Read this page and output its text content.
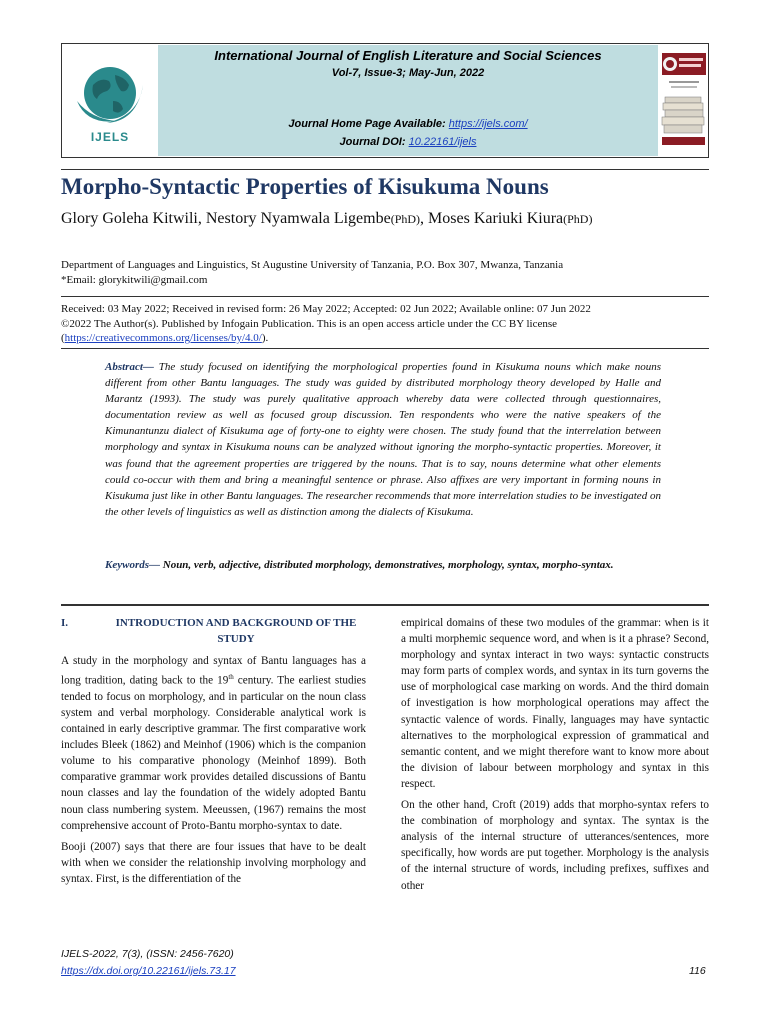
IJELS
International Journal of English Literature and Social Sciences
Vol-7, Issue-3; May-Jun, 2022
Journal Home Page Available: https://ijels.com/
Journal DOI: 10.22161/ijels
Morpho-Syntactic Properties of Kisukuma Nouns
Glory Goleha Kitwili, Nestory Nyamwala Ligembe(PhD), Moses Kariuki Kiura(PhD)
Department of Languages and Linguistics, St Augustine University of Tanzania, P.O. Box 307, Mwanza, Tanzania
*Email: glorykitwili@gmail.com
Received: 03 May 2022; Received in revised form: 26 May 2022; Accepted: 02 Jun 2022; Available online: 07 Jun 2022
©2022 The Author(s). Published by Infogain Publication. This is an open access article under the CC BY license
(https://creativecommons.org/licenses/by/4.0/).
Abstract— The study focused on identifying the morphological properties found in Kisukuma nouns which make nouns different from other Bantu languages. The study was guided by distributed morphology theory developed by Halle and Marantz (1993). The study was purely qualitative approach whereby data were collected through questionnaires, documentation review as well as focused group discussion. Ten respondents who were the native speakers of the Kimunantunzu dialect of Kisukuma age of forty-one to eighty were chosen. The study found that the interrelation between morphology and syntax in Kisukuma nouns can be analyzed without ignoring the morpho-syntactic properties. Moreover, it was found that the agreement properties are triggered by the nouns. That is to say, nouns determine what other elements could co-occur with them and bring a meaningful sentence or phrase. Also affixes are very important in forming nouns in Kisukuma just like in other Bantu languages. The researcher recommends that more interrelation studies to be investigated on the other levels of linguistics as well as distinction among the dialects of Kisukuma.
Keywords— Noun, verb, adjective, distributed morphology, demonstratives, morphology, syntax, morpho-syntax.
I.	INTRODUCTION AND BACKGROUND OF THE STUDY

A study in the morphology and syntax of Bantu languages has a long tradition, dating back to the 19th century. The earliest studies tended to focus on morphology, and in particular on the noun class system and verbal morphology. Considerable analytical work is contained in early descriptive grammar. The first comparative work includes Bleek (1862) and Meinhof (1906) which is the companion volume to his comparative phonology (Meinhof 1899). Both comparative grammar work provides detailed discussions of Bantu noun classes and lay the foundation of the widely adopted Bantu noun class numbering system. Meeussen, (1967) remains the most comprehensive account of Proto-Bantu morpho-syntax to date.

Booji (2007) says that there are four issues that have to be dealt with when we consider the relationship involving morphology and syntax. First, is the differentiation of the

empirical domains of these two modules of the grammar: when is it a multi morphemic sequence word, and when is it a phrase? Second, morphology and syntax interact in two ways: syntactic constructs may form parts of complex words, and syntax in its turn governs the use of morphological case marking on words. And the third domain of investigation is how morphological operations may affect the syntactic valence of words. Finally, languages may have syntactic alternatives to the morphological expression of grammatical and semantic content, and we might therefore want to know more about the division of labour between morphology and syntax in this respect.

On the other hand, Croft (2019) adds that morpho-syntax refers to the combination of morphology and syntax. The syntax is the analysis of the internal structure of utterances/sentences, more specifically, how words are put together. Morphology is the analysis of the internal structure of words, including prefixes, suffixes and other

IJELS-2022, 7(3), (ISSN: 2456-7620)
https://dx.doi.org/10.22161/ijels.73.17	116
